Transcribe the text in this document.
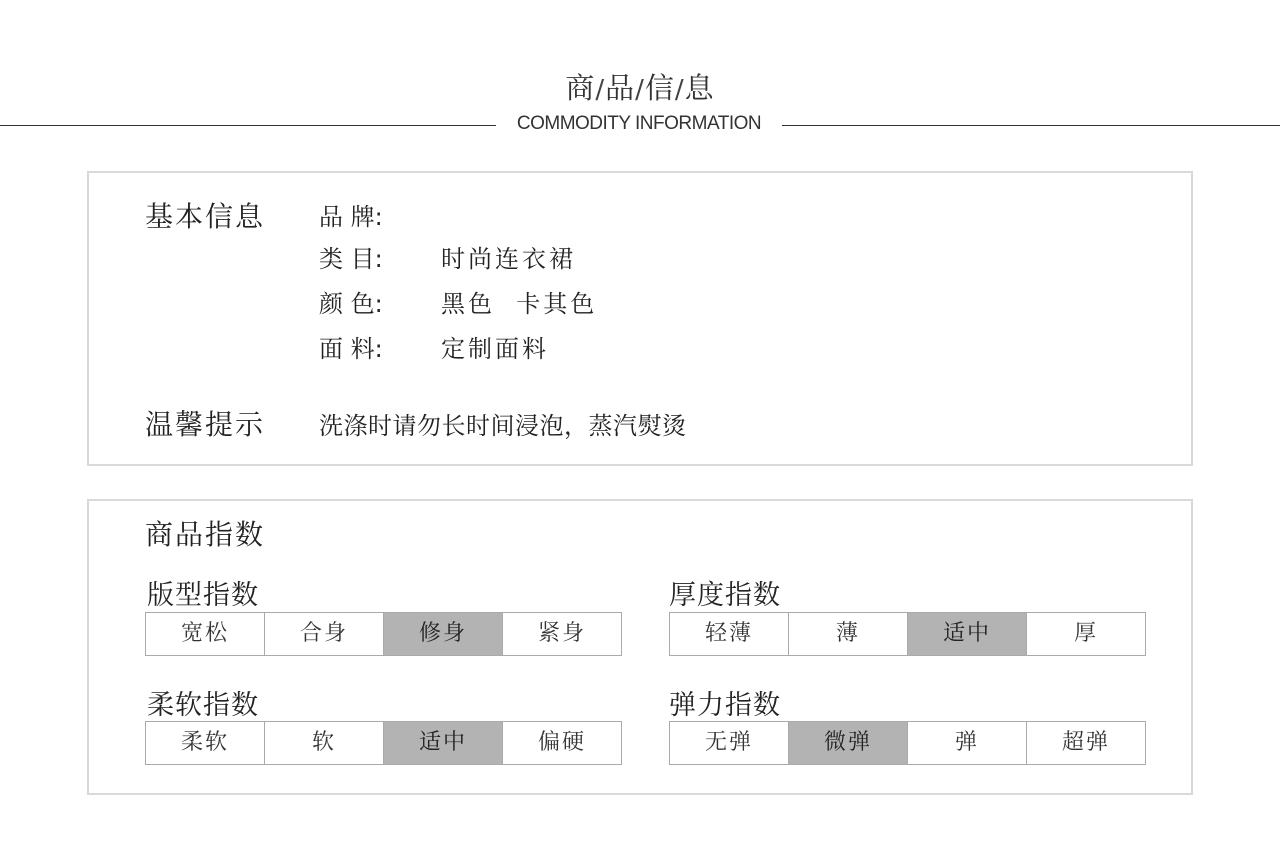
商/品/信/息
COMMODITY INFORMATION
基本信息 品 牌:
类 目:	时尚连衣裙
颜 色:	黑色  卡其色
面 料:	定制面料
温馨提示 洗涤时请勿长时间浸泡，蒸汽熨烫
商品指数
版型指数
宽松	合身	修身	紧身
厚度指数
轻薄	薄	适中	厚
柔软指数
柔软	软	适中	偏硬
弹力指数
无弹	微弹	弹	超弹
